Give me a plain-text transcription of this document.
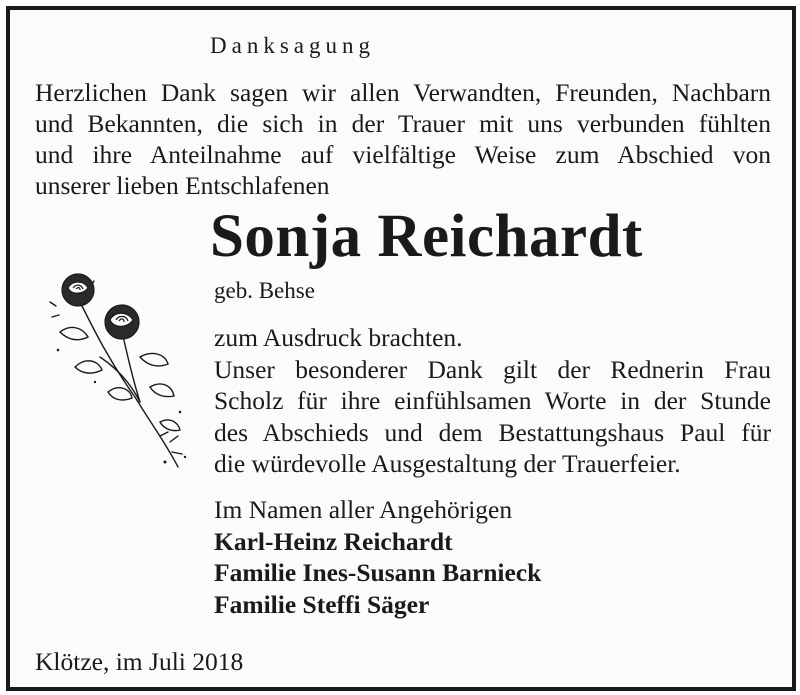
Danksagung
Herzlichen Dank sagen wir allen Verwandten, Freunden, Nachbarn
und Bekannten, die sich in der Trauer mit uns verbunden fühlten
und ihre Anteilnahme auf vielfältige Weise zum Abschied von
unserer lieben Entschlafenen
Sonja Reichardt
geb. Behse
zum Ausdruck brachten.
Unser besonderer Dank gilt der Rednerin Frau
Scholz für ihre einfühlsamen Worte in der Stunde
des Abschieds und dem Bestattungshaus Paul für
die würdevolle Ausgestaltung der Trauerfeier.
Im Namen aller Angehörigen
Karl-Heinz Reichardt
Familie Ines-Susann Barnieck
Familie Steffi Säger
Klötze, im Juli 2018
